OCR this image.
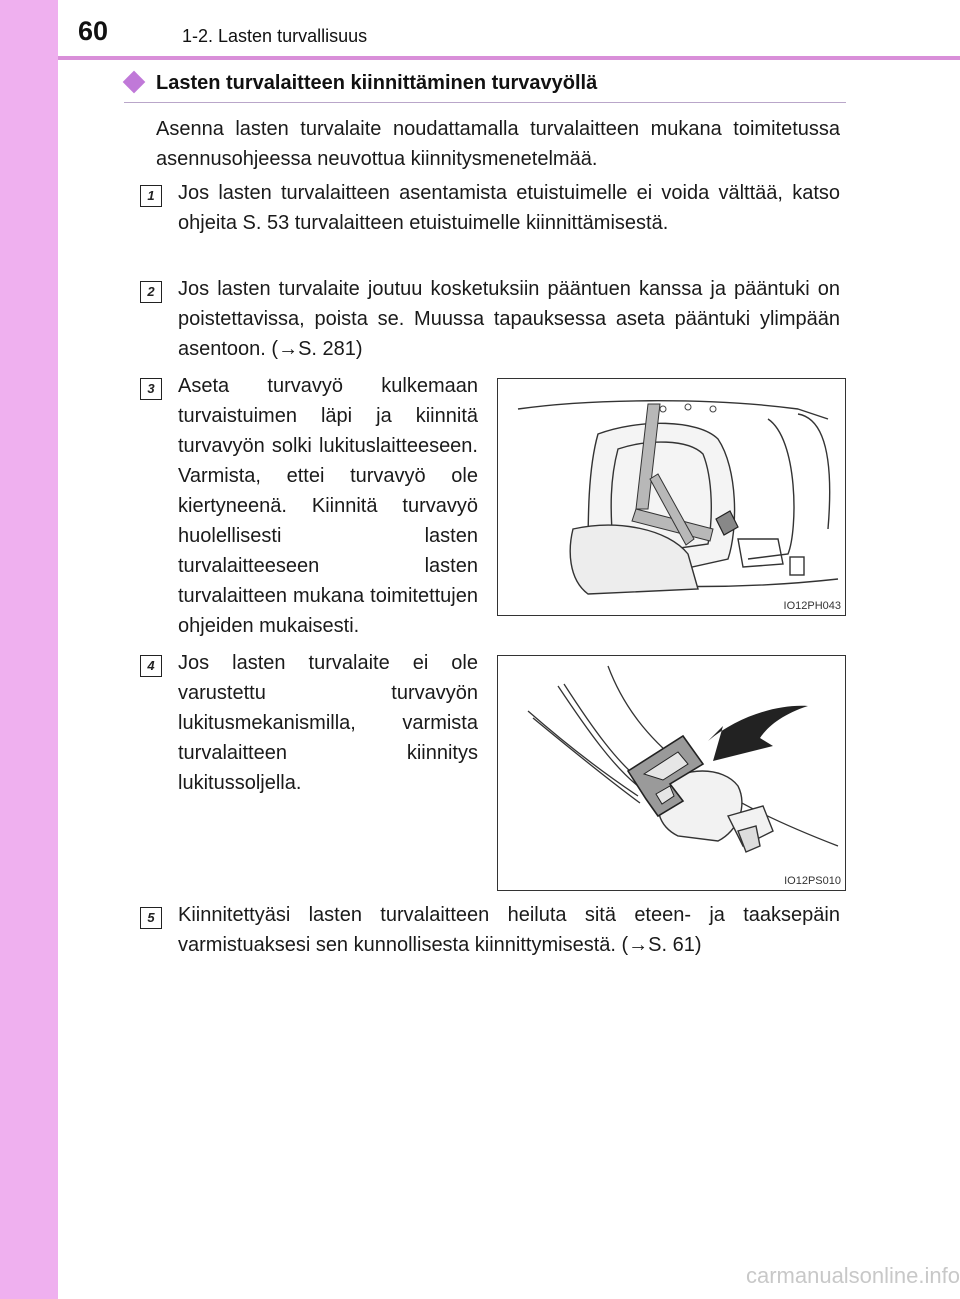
60	1-2. Lasten turvallisuus
Lasten turvalaitteen kiinnittäminen turvavyöllä
Asenna lasten turvalaite noudattamalla turvalaitteen mukana toimitetussa asennusohjeessa neuvottua kiinnitysmenetelmää.
1	Jos lasten turvalaitteen asentamista etuistuimelle ei voida välttää, katso ohjeita S. 53 turvalaitteen etuistuimelle kiinnittämisestä.
2	Jos lasten turvalaite joutuu kosketuksiin pääntuen kanssa ja pääntuki on poistettavissa, poista se. Muussa tapauksessa aseta pääntuki ylimpään asentoon. (→S. 281)
3	Aseta turvavyö kulkemaan turvaistuimen läpi ja kiinnitä turvavyön solki lukituslaitteeseen. Varmista, ettei turvavyö ole kiertyneenä. Kiinnitä turvavyö huolellisesti lasten turvalaitteeseen lasten turvalaitteen mukana toimitettujen ohjeiden mukaisesti.
IO12PH043
4	Jos lasten turvalaite ei ole varustettu turvavyön lukitusmekanismilla, varmista turvalaitteen kiinnitys lukitussoljella.
IO12PS010
5	Kiinnitettyäsi lasten turvalaitteen heiluta sitä eteen- ja taaksepäin varmistuaksesi sen kunnollisesta kiinnittymisestä. (→S. 61)
carmanualsonline.info
